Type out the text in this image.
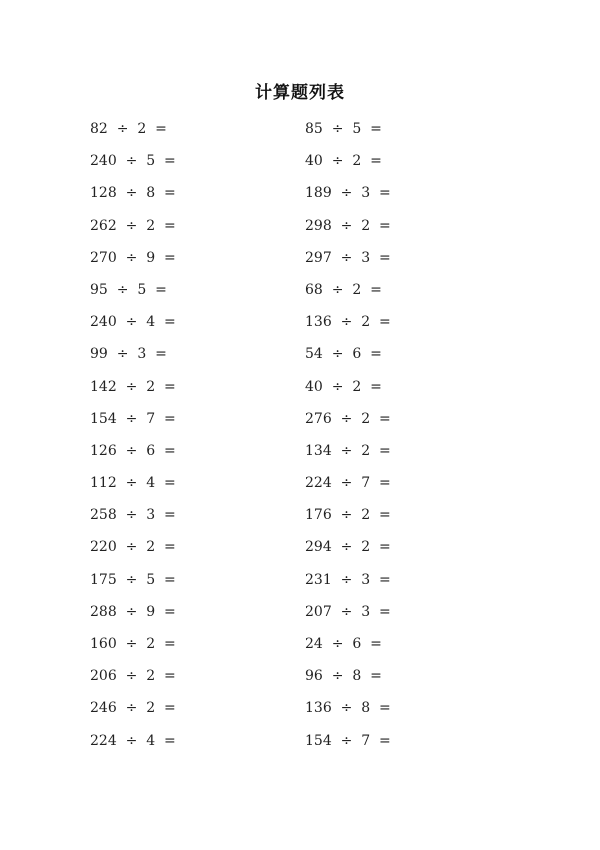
计算题列表
82  ÷  2  =
240  ÷  5  =
128  ÷  8  =
262  ÷  2  =
270  ÷  9  =
95  ÷  5  =
240  ÷  4  =
99  ÷  3  =
142  ÷  2  =
154  ÷  7  =
126  ÷  6  =
112  ÷  4  =
258  ÷  3  =
220  ÷  2  =
175  ÷  5  =
288  ÷  9  =
160  ÷  2  =
206  ÷  2  =
246  ÷  2  =
224  ÷  4  =
85  ÷  5  =
40  ÷  2  =
189  ÷  3  =
298  ÷  2  =
297  ÷  3  =
68  ÷  2  =
136  ÷  2  =
54  ÷  6  =
40  ÷  2  =
276  ÷  2  =
134  ÷  2  =
224  ÷  7  =
176  ÷  2  =
294  ÷  2  =
231  ÷  3  =
207  ÷  3  =
24  ÷  6  =
96  ÷  8  =
136  ÷  8  =
154  ÷  7  =
